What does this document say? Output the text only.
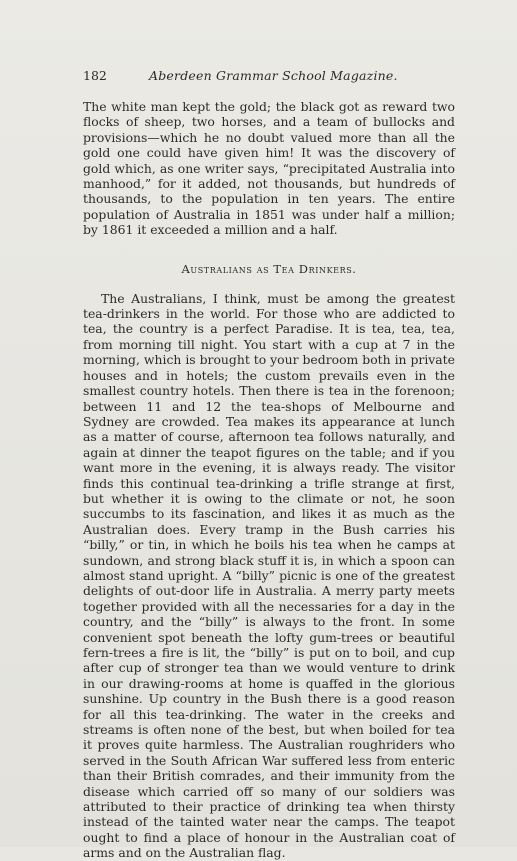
182	Aberdeen Grammar School Magazine.

The white man kept the gold; the black got as reward two flocks of sheep, two horses, and a team of bullocks and provisions—which he no doubt valued more than all the gold one could have given him! It was the discovery of gold which, as one writer says, “precipitated Australia into manhood,” for it added, not thousands, but hundreds of thousands, to the population in ten years. The entire population of Australia in 1851 was under half a million; by 1861 it exceeded a million and a half.

Australians as Tea Drinkers.

The Australians, I think, must be among the greatest tea-drinkers in the world. For those who are addicted to tea, the country is a perfect Paradise. It is tea, tea, tea, from morning till night. You start with a cup at 7 in the morning, which is brought to your bedroom both in private houses and in hotels; the custom prevails even in the smallest country hotels. Then there is tea in the forenoon; between 11 and 12 the tea-shops of Melbourne and Sydney are crowded. Tea makes its appearance at lunch as a matter of course, afternoon tea follows naturally, and again at dinner the teapot figures on the table; and if you want more in the evening, it is always ready. The visitor finds this continual tea-drinking a trifle strange at first, but whether it is owing to the climate or not, he soon succumbs to its fascination, and likes it as much as the Australian does. Every tramp in the Bush carries his “billy,” or tin, in which he boils his tea when he camps at sundown, and strong black stuff it is, in which a spoon can almost stand upright. A “billy” picnic is one of the greatest delights of out-door life in Australia. A merry party meets together provided with all the necessaries for a day in the country, and the “billy” is always to the front. In some convenient spot beneath the lofty gum-trees or beautiful fern-trees a fire is lit, the “billy” is put on to boil, and cup after cup of stronger tea than we would venture to drink in our drawing-rooms at home is quaffed in the glorious sunshine. Up country in the Bush there is a good reason for all this tea-drinking. The water in the creeks and streams is often none of the best, but when boiled for tea it proves quite harmless. The Australian roughriders who served in the South African War suffered less from enteric than their British comrades, and their immunity from the disease which carried off so many of our soldiers was attributed to their practice of drinking tea when thirsty instead of the tainted water near the camps. The teapot ought to find a place of honour in the Australian coat of arms and on the Australian flag.
